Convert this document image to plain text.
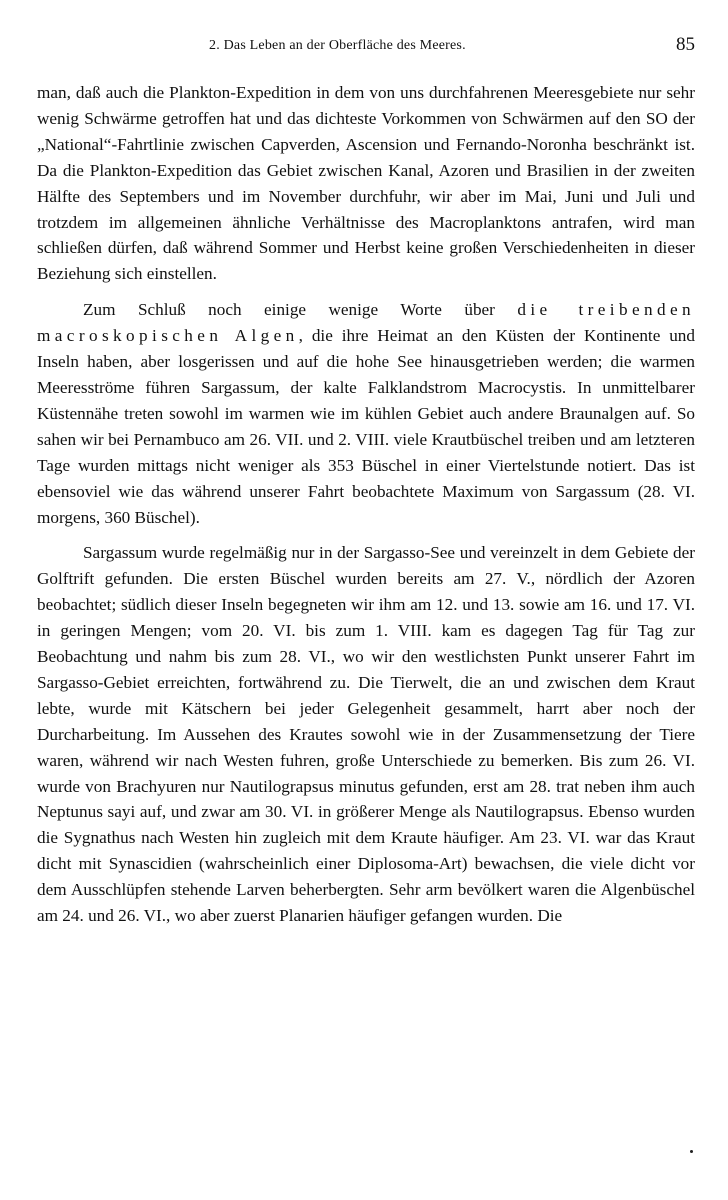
2. Das Leben an der Oberfläche des Meeres.	85

man, daß auch die Plankton-Expedition in dem von uns durchfahrenen Meeresgebiete nur sehr wenig Schwärme getroffen hat und das dichteste Vorkommen von Schwärmen auf den SO der „National“-Fahrtlinie zwischen Capverden, Ascension und Fernando-Noronha beschränkt ist. Da die Plankton-Expedition das Gebiet zwischen Kanal, Azoren und Brasilien in der zweiten Hälfte des Septembers und im November durchfuhr, wir aber im Mai, Juni und Juli und trotzdem im allgemeinen ähnliche Verhältnisse des Macroplanktons antrafen, wird man schließen dürfen, daß während Sommer und Herbst keine großen Verschiedenheiten in dieser Beziehung sich einstellen.

Zum Schluß noch einige wenige Worte über die treibenden macroskopischen Algen, die ihre Heimat an den Küsten der Kontinente und Inseln haben, aber losgerissen und auf die hohe See hinausgetrieben werden; die warmen Meeresströme führen Sargassum, der kalte Falklandstrom Macrocystis. In unmittelbarer Küstennähe treten sowohl im warmen wie im kühlen Gebiet auch andere Braunalgen auf. So sahen wir bei Pernambuco am 26. VII. und 2. VIII. viele Krautbüschel treiben und am letzteren Tage wurden mittags nicht weniger als 353 Büschel in einer Viertelstunde notiert. Das ist ebensoviel wie das während unserer Fahrt beobachtete Maximum von Sargassum (28. VI. morgens, 360 Büschel).

Sargassum wurde regelmäßig nur in der Sargasso-See und vereinzelt in dem Gebiete der Golftrift gefunden. Die ersten Büschel wurden bereits am 27. V., nördlich der Azoren beobachtet; südlich dieser Inseln begegneten wir ihm am 12. und 13. sowie am 16. und 17. VI. in geringen Mengen; vom 20. VI. bis zum 1. VIII. kam es dagegen Tag für Tag zur Beobachtung und nahm bis zum 28. VI., wo wir den westlichsten Punkt unserer Fahrt im Sargasso-Gebiet erreichten, fortwährend zu. Die Tierwelt, die an und zwischen dem Kraut lebte, wurde mit Kätschern bei jeder Gelegenheit gesammelt, harrt aber noch der Durcharbeitung. Im Aussehen des Krautes sowohl wie in der Zusammensetzung der Tiere waren, während wir nach Westen fuhren, große Unterschiede zu bemerken. Bis zum 26. VI. wurde von Brachyuren nur Nautilograpsus minutus gefunden, erst am 28. trat neben ihm auch Neptunus sayi auf, und zwar am 30. VI. in größerer Menge als Nautilograpsus. Ebenso wurden die Sygnathus nach Westen hin zugleich mit dem Kraute häufiger. Am 23. VI. war das Kraut dicht mit Synascidien (wahrscheinlich einer Diplosoma-Art) bewachsen, die viele dicht vor dem Ausschlüpfen stehende Larven beherbergten. Sehr arm bevölkert waren die Algenbüschel am 24. und 26. VI., wo aber zuerst Planarien häufiger gefangen wurden. Die
